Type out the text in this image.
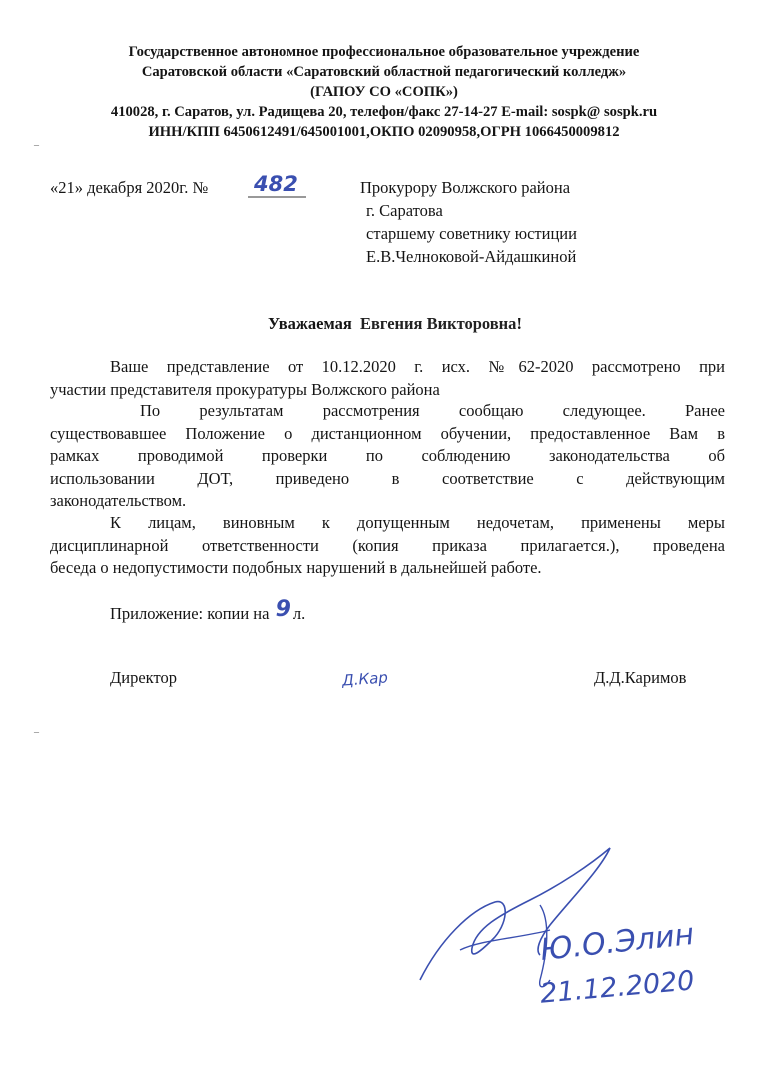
Государственное автономное профессиональное образовательное учреждение
Саратовской области «Саратовский областной педагогический колледж»
(ГАПОУ СО «СОПК»)
410028, г. Саратов, ул. Радищева 20, телефон/факс 27-14-27 E-mail: sospk@ sospk.ru
ИНН/КПП 6450612491/645001001,ОКПО 02090958,ОГРН 1066450009812
¯
«21» декабря 2020г. № 482	Прокурору Волжского района
г. Саратова
старшему советнику юстиции
Е.В.Челноковой-Айдашкиной
Уважаемая Евгения Викторовна!
Ваше представление от 10.12.2020 г. исх. №62-2020 рассмотрено при
участии представителя прокуратуры Волжского района
По результатам рассмотрения сообщаю следующее. Ранее
существовавшее Положение о дистанционном обучении, предоставленное Вам в
рамках проводимой проверки по соблюдению законодательства об
использовании ДОТ, приведено в соответствие с действующим
законодательством.
К лицам, виновным к допущенным недочетам, применены меры
дисциплинарной ответственности (копия приказа прилагается.), проведена
беседа о недопустимости подобных нарушений в дальнейшей работе.
Приложение: копии на 9 л.
Директор	Д.Кар	Д.Д.Каримов
¯
Ю.О.Элин
21.12.2020
